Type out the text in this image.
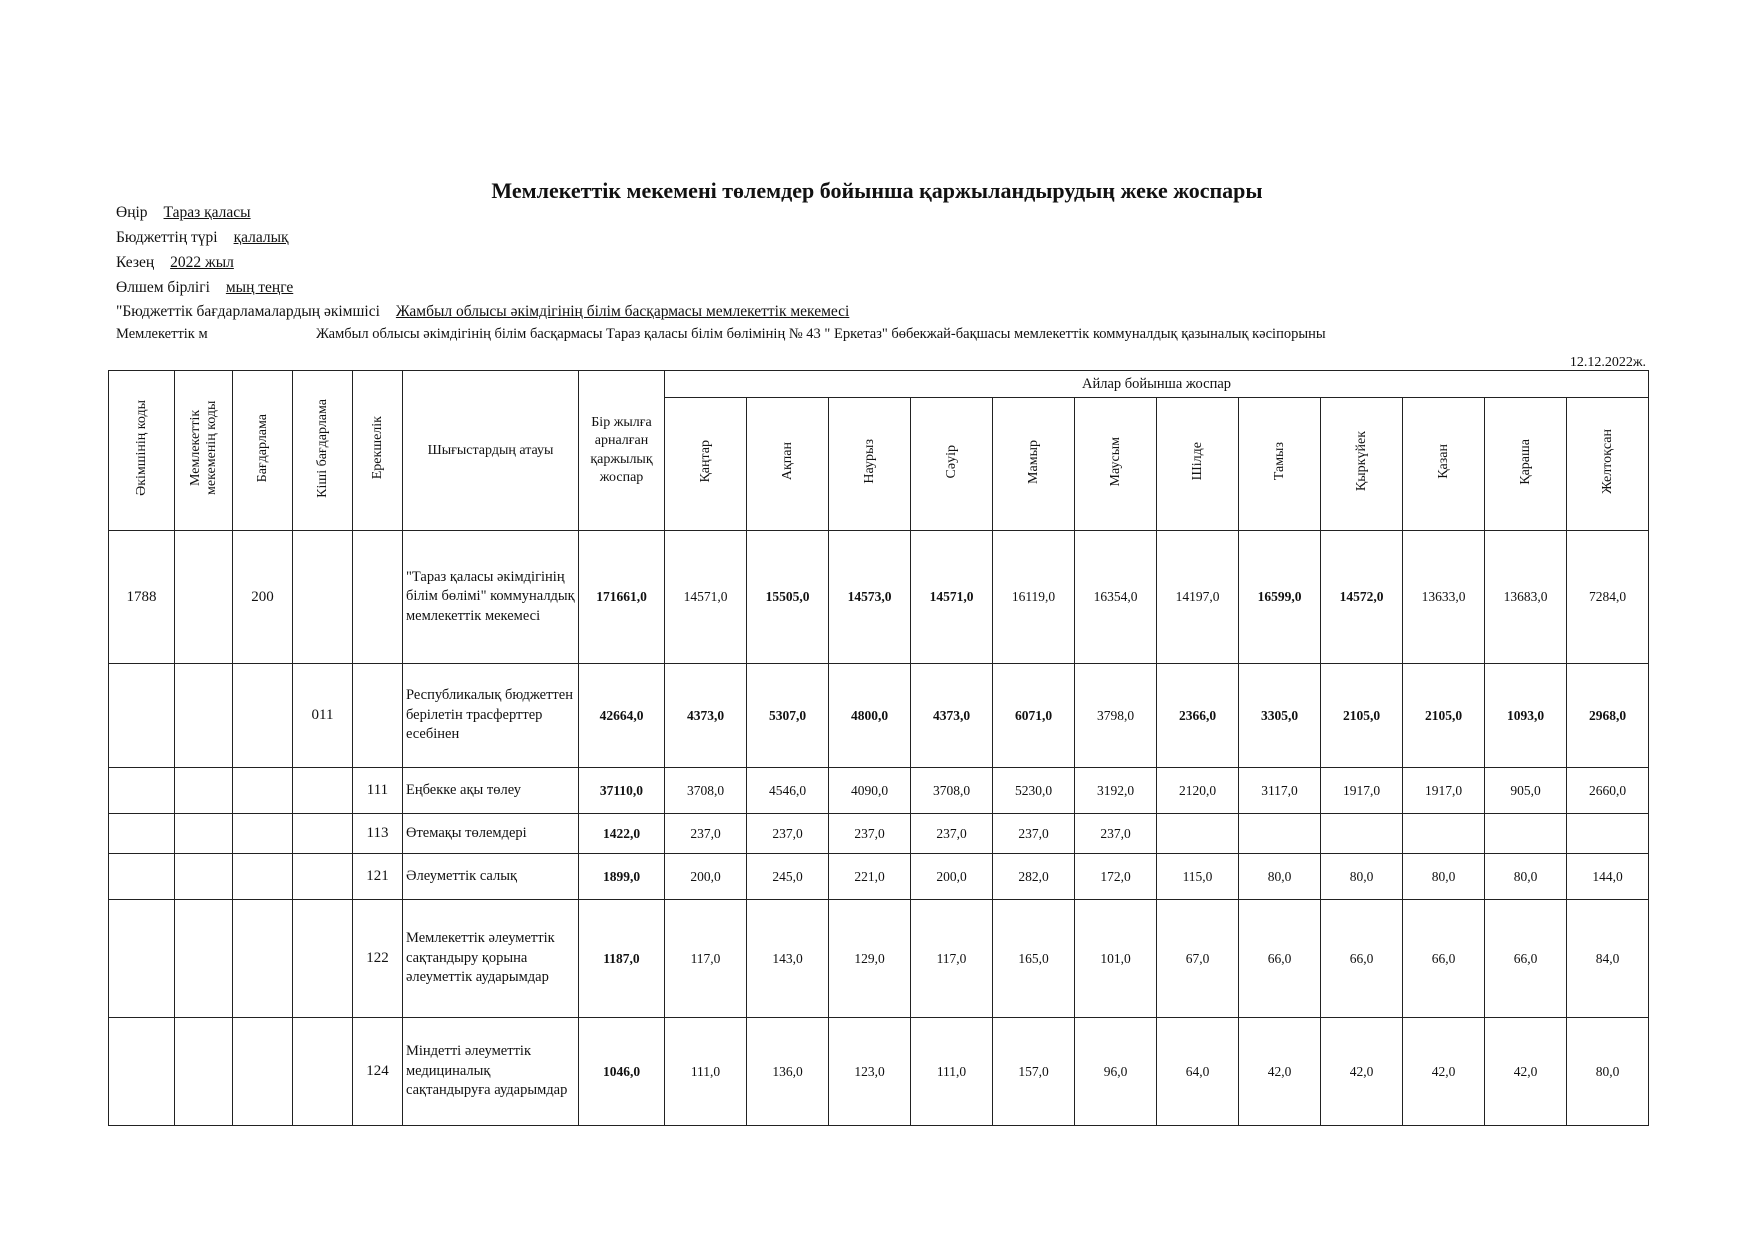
Мемлекеттік мекемені төлемдер бойынша қаржыландырудың жеке жоспары
Өңір Тараз қаласы
Бюджеттің түрі қалалық
Кезең 2022 жыл
Өлшем бірлігі мың теңге
"Бюджеттік бағдарламалардың әкімшісі Жамбыл облысы әкімдігінің білім басқармасы мемлекеттік мекемесі
Мемлекеттік м	Жамбыл облысы әкімдігінің білім басқармасы Тараз қаласы білім бөлімінің № 43 " Еркетаз" бөбекжай-бақшасы мемлекеттік коммуналдық қазыналық кәсіпорыны
12.12.2022ж.
Әкімшінің коды	Мемлекеттік мекеменің коды	Бағдарлама	Кіші бағдарлама	Ерекшелік	Шығыстардың атауы	Бір жылға арналған қаржылық жоспар	Айлар бойынша жоспар											
							Қаңтар	Ақпан	Наурыз	Сәуір	Мамыр	Маусым	Шілде	Тамыз	Қыркүйек	Қазан	Қараша	Желтоқсан
1788		200			"Тараз қаласы әкімдігінің білім бөлімі" коммуналдық мемлекеттік мекемесі	171661,0	14571,0	15505,0	14573,0	14571,0	16119,0	16354,0	14197,0	16599,0	14572,0	13633,0	13683,0	7284,0
			011		Республикалық бюджеттен берілетін трасферттер есебінен	42664,0	4373,0	5307,0	4800,0	4373,0	6071,0	3798,0	2366,0	3305,0	2105,0	2105,0	1093,0	2968,0
				111	Еңбекке ақы төлеу	37110,0	3708,0	4546,0	4090,0	3708,0	5230,0	3192,0	2120,0	3117,0	1917,0	1917,0	905,0	2660,0
				113	Өтемақы төлемдері	1422,0	237,0	237,0	237,0	237,0	237,0	237,0						
				121	Әлеуметтік салық	1899,0	200,0	245,0	221,0	200,0	282,0	172,0	115,0	80,0	80,0	80,0	80,0	144,0
				122	Мемлекеттік әлеуметтік сақтандыру қорына әлеуметтік аударымдар	1187,0	117,0	143,0	129,0	117,0	165,0	101,0	67,0	66,0	66,0	66,0	66,0	84,0
				124	Міндетті әлеуметтік медициналық сақтандыруға аударымдар	1046,0	111,0	136,0	123,0	111,0	157,0	96,0	64,0	42,0	42,0	42,0	42,0	80,0
